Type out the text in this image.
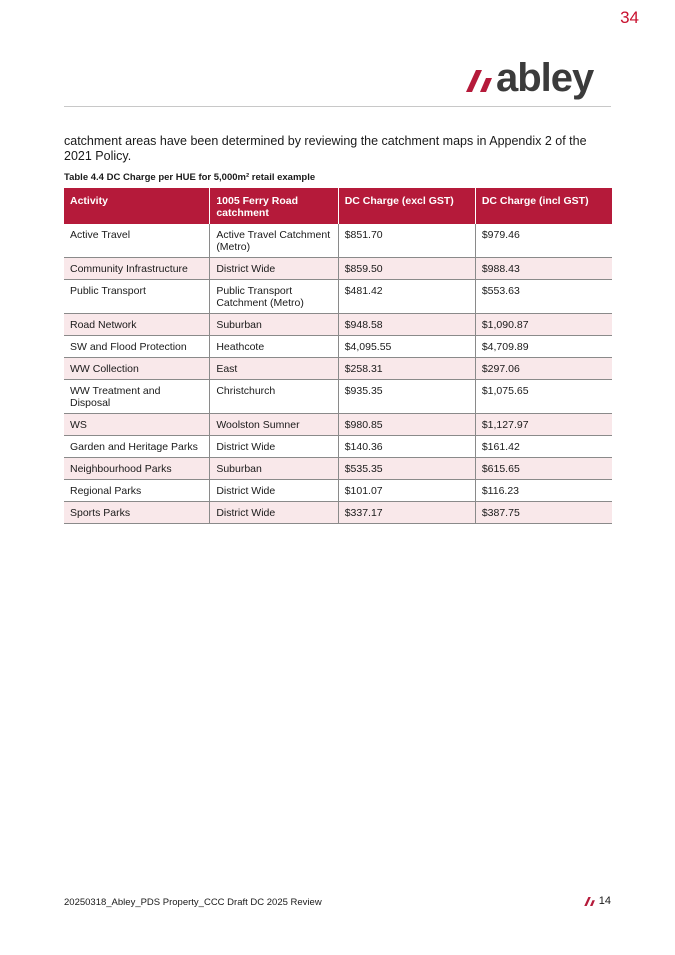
34
abley
catchment areas have been determined by reviewing the catchment maps in Appendix 2 of the 2021 Policy.
Table 4.4 DC Charge per HUE for 5,000m² retail example
Activity	1005 Ferry Road catchment	DC Charge (excl GST)	DC Charge (incl GST)
Active Travel	Active Travel Catchment (Metro)	$851.70	$979.46
Community Infrastructure	District Wide	$859.50	$988.43
Public Transport	Public Transport Catchment (Metro)	$481.42	$553.63
Road Network	Suburban	$948.58	$1,090.87
SW and Flood Protection	Heathcote	$4,095.55	$4,709.89
WW Collection	East	$258.31	$297.06
WW Treatment and Disposal	Christchurch	$935.35	$1,075.65
WS	Woolston Sumner	$980.85	$1,127.97
Garden and Heritage Parks	District Wide	$140.36	$161.42
Neighbourhood Parks	Suburban	$535.35	$615.65
Regional Parks	District Wide	$101.07	$116.23
Sports Parks	District Wide	$337.17	$387.75
20250318_Abley_PDS Property_CCC Draft DC 2025 Review	14
